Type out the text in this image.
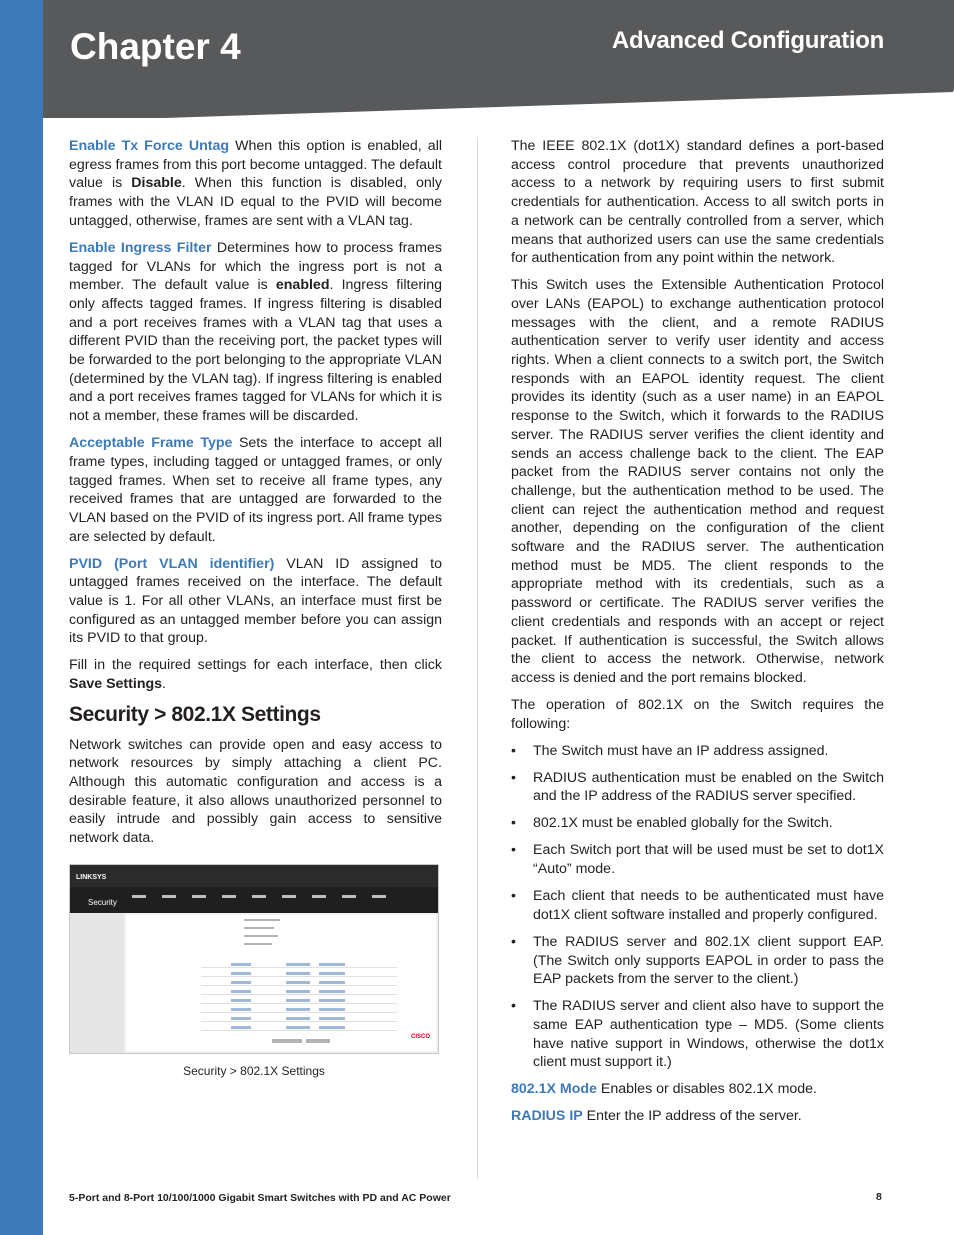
Chapter 4	Advanced Configuration

Enable Tx Force Untag When this option is enabled, all egress frames from this port become untagged. The default value is Disable. When this function is disabled, only frames with the VLAN ID equal to the PVID will become untagged, otherwise, frames are sent with a VLAN tag.

Enable Ingress Filter Determines how to process frames tagged for VLANs for which the ingress port is not a member. The default value is enabled. Ingress filtering only affects tagged frames. If ingress filtering is disabled and a port receives frames with a VLAN tag that uses a different PVID than the receiving port, the packet types will be forwarded to the port belonging to the appropriate VLAN (determined by the VLAN tag). If ingress filtering is enabled and a port receives frames tagged for VLANs for which it is not a member, these frames will be discarded.

Acceptable Frame Type Sets the interface to accept all frame types, including tagged or untagged frames, or only tagged frames. When set to receive all frame types, any received frames that are untagged are forwarded to the VLAN based on the PVID of its ingress port. All frame types are selected by default.

PVID (Port VLAN identifier) VLAN ID assigned to untagged frames received on the interface. The default value is 1. For all other VLANs, an interface must first be configured as an untagged member before you can assign its PVID to that group.

Fill in the required settings for each interface, then click Save Settings.

Security > 802.1X Settings

Network switches can provide open and easy access to network resources by simply attaching a client PC. Although this automatic configuration and access is a desirable feature, it also allows unauthorized personnel to easily intrude and possibly gain access to sensitive network data.

LINKSYS
Security
CISCO
Security > 802.1X Settings

The IEEE 802.1X (dot1X) standard defines a port-based access control procedure that prevents unauthorized access to a network by requiring users to first submit credentials for authentication. Access to all switch ports in a network can be centrally controlled from a server, which means that authorized users can use the same credentials for authentication from any point within the network.

This Switch uses the Extensible Authentication Protocol over LANs (EAPOL) to exchange authentication protocol messages with the client, and a remote RADIUS authentication server to verify user identity and access rights. When a client connects to a switch port, the Switch responds with an EAPOL identity request. The client provides its identity (such as a user name) in an EAPOL response to the Switch, which it forwards to the RADIUS server. The RADIUS server verifies the client identity and sends an access challenge back to the client. The EAP packet from the RADIUS server contains not only the challenge, but the authentication method to be used. The client can reject the authentication method and request another, depending on the configuration of the client software and the RADIUS server. The authentication method must be MD5. The client responds to the appropriate method with its credentials, such as a password or certificate. The RADIUS server verifies the client credentials and responds with an accept or reject packet. If authentication is successful, the Switch allows the client to access the network. Otherwise, network access is denied and the port remains blocked.

The operation of 802.1X on the Switch requires the following:

• The Switch must have an IP address assigned.
• RADIUS authentication must be enabled on the Switch and the IP address of the RADIUS server specified.
• 802.1X must be enabled globally for the Switch.
• Each Switch port that will be used must be set to dot1X “Auto” mode.
• Each client that needs to be authenticated must have dot1X client software installed and properly configured.
• The RADIUS server and 802.1X client support EAP. (The Switch only supports EAPOL in order to pass the EAP packets from the server to the client.)
• The RADIUS server and client also have to support the same EAP authentication type – MD5. (Some clients have native support in Windows, otherwise the dot1x client must support it.)

802.1X Mode Enables or disables 802.1X mode.

RADIUS IP Enter the IP address of the server.

5-Port and 8-Port 10/100/1000 Gigabit Smart Switches with PD and AC Power	8
